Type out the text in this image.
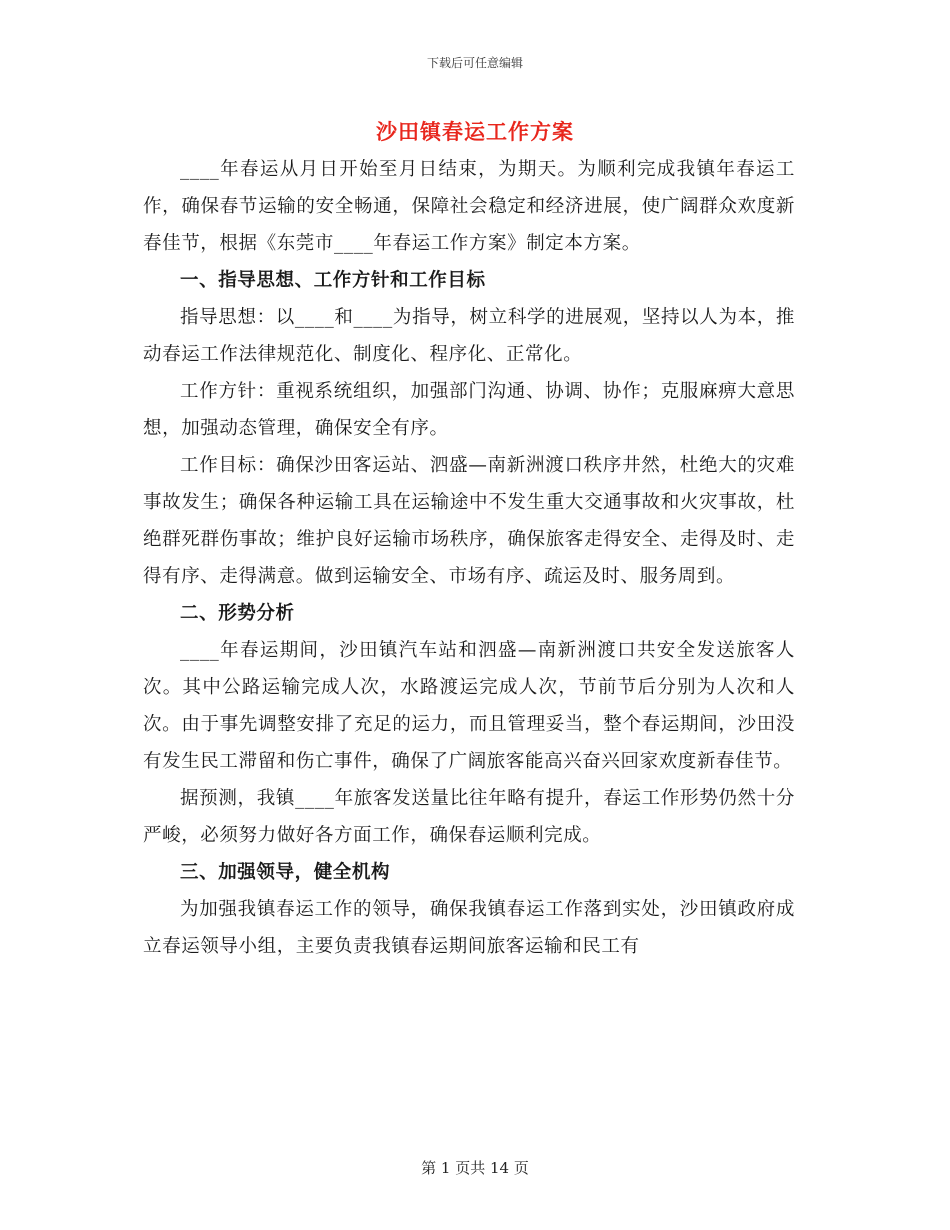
下载后可任意编辑
沙田镇春运工作方案

____年春运从月日开始至月日结束，为期天。为顺利完成我镇年春运工作，确保春节运输的安全畅通，保障社会稳定和经济进展，使广阔群众欢度新春佳节，根据《东莞市____年春运工作方案》制定本方案。

一、指导思想、工作方针和工作目标

指导思想：以____和____为指导，树立科学的进展观，坚持以人为本，推动春运工作法律规范化、制度化、程序化、正常化。

工作方针：重视系统组织，加强部门沟通、协调、协作；克服麻痹大意思想，加强动态管理，确保安全有序。

工作目标：确保沙田客运站、泗盛—南新洲渡口秩序井然，杜绝大的灾难事故发生；确保各种运输工具在运输途中不发生重大交通事故和火灾事故，杜绝群死群伤事故；维护良好运输市场秩序，确保旅客走得安全、走得及时、走得有序、走得满意。做到运输安全、市场有序、疏运及时、服务周到。

二、形势分析

____年春运期间，沙田镇汽车站和泗盛—南新洲渡口共安全发送旅客人次。其中公路运输完成人次，水路渡运完成人次，节前节后分别为人次和人次。由于事先调整安排了充足的运力，而且管理妥当，整个春运期间，沙田没有发生民工滞留和伤亡事件，确保了广阔旅客能高兴奋兴回家欢度新春佳节。

据预测，我镇____年旅客发送量比往年略有提升，春运工作形势仍然十分严峻，必须努力做好各方面工作，确保春运顺利完成。

三、加强领导，健全机构

为加强我镇春运工作的领导，确保我镇春运工作落到实处，沙田镇政府成立春运领导小组，主要负责我镇春运期间旅客运输和民工有

第 1 页共 14 页
